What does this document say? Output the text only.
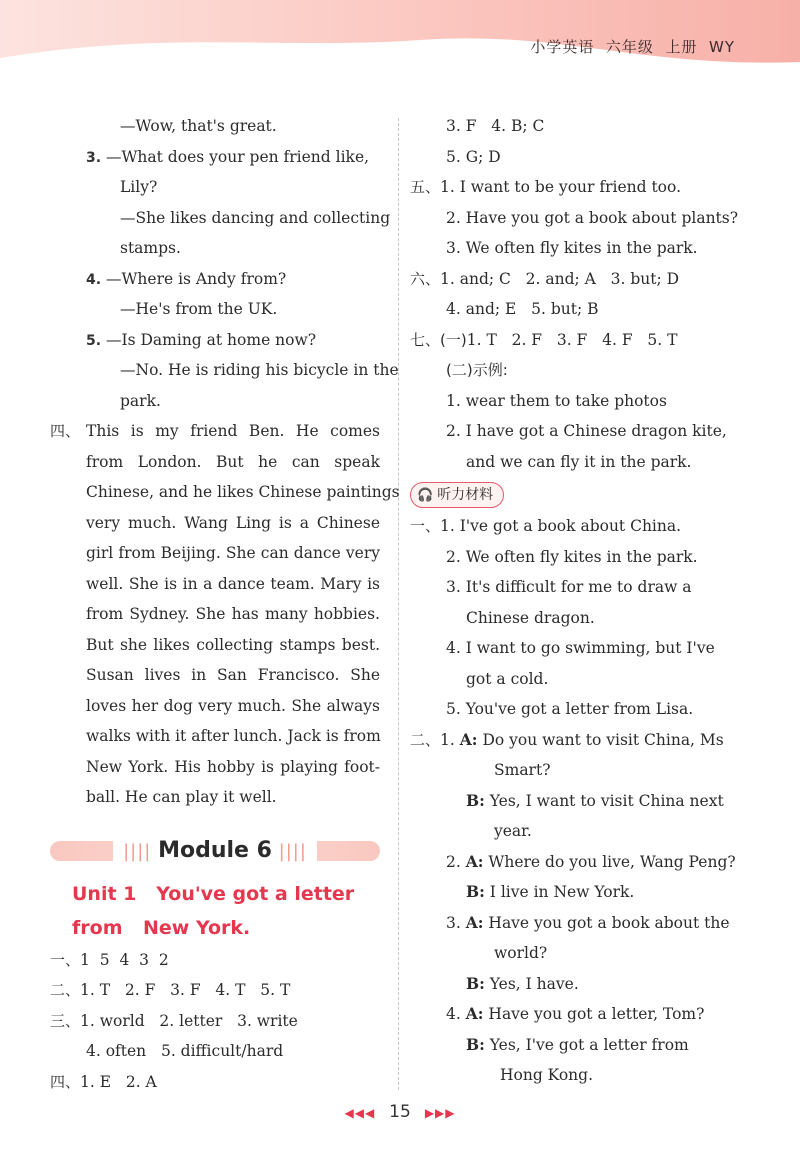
小学英语 六年级 上册 WY
—Wow, that's great.
3. —What does your pen friend like,
Lily?
—She likes dancing and collecting
stamps.
4. —Where is Andy from?
—He's from the UK.
5. —Is Daming at home now?
—No. He is riding his bicycle in the
park.
四、 This is my friend Ben. He comes
from London. But he can speak
Chinese, and he likes Chinese paintings
very much. Wang Ling is a Chinese
girl from Beijing. She can dance very
well. She is in a dance team. Mary is
from Sydney. She has many hobbies.
But she likes collecting stamps best.
Susan lives in San Francisco. She
loves her dog very much. She always
walks with it after lunch. Jack is from
New York. His hobby is playing foot-
ball. He can play it well.
|||| Module 6 ||||
Unit 1 You've got a letter from	New York.
一、1  5  4  3  2
二、1. T 2. F 3. F 4. T 5. T
三、1. world 2. letter 3. write
4. often 5. difficult/hard
四、1. E 2. A
3. F 4. B; C
5. G; D
五、1. I want to be your friend too.
2. Have you got a book about plants?
3. We often fly kites in the park.
六、1. and; C 2. and; A 3. but; D
4. and; E 5. but; B
七、(一)1. T 2. F 3. F 4. F 5. T
(二)示例:
1. wear them to take photos
2. I have got a Chinese dragon kite,
and we can fly it in the park.
🎧 听力材料
一、1. I've got a book about China.
2. We often fly kites in the park.
3. It's difficult for me to draw a
Chinese dragon.
4. I want to go swimming, but I've
got a cold.
5. You've got a letter from Lisa.
二、1. A: Do you want to visit China, Ms
Smart?
B: Yes, I want to visit China next
year.
2. A: Where do you live, Wang Peng?
B: I live in New York.
3. A: Have you got a book about the
world?
B: Yes, I have.
4. A: Have you got a letter, Tom?
B: Yes, I've got a letter from
Hong Kong.
◀◀◀ 15 ▶▶▶
